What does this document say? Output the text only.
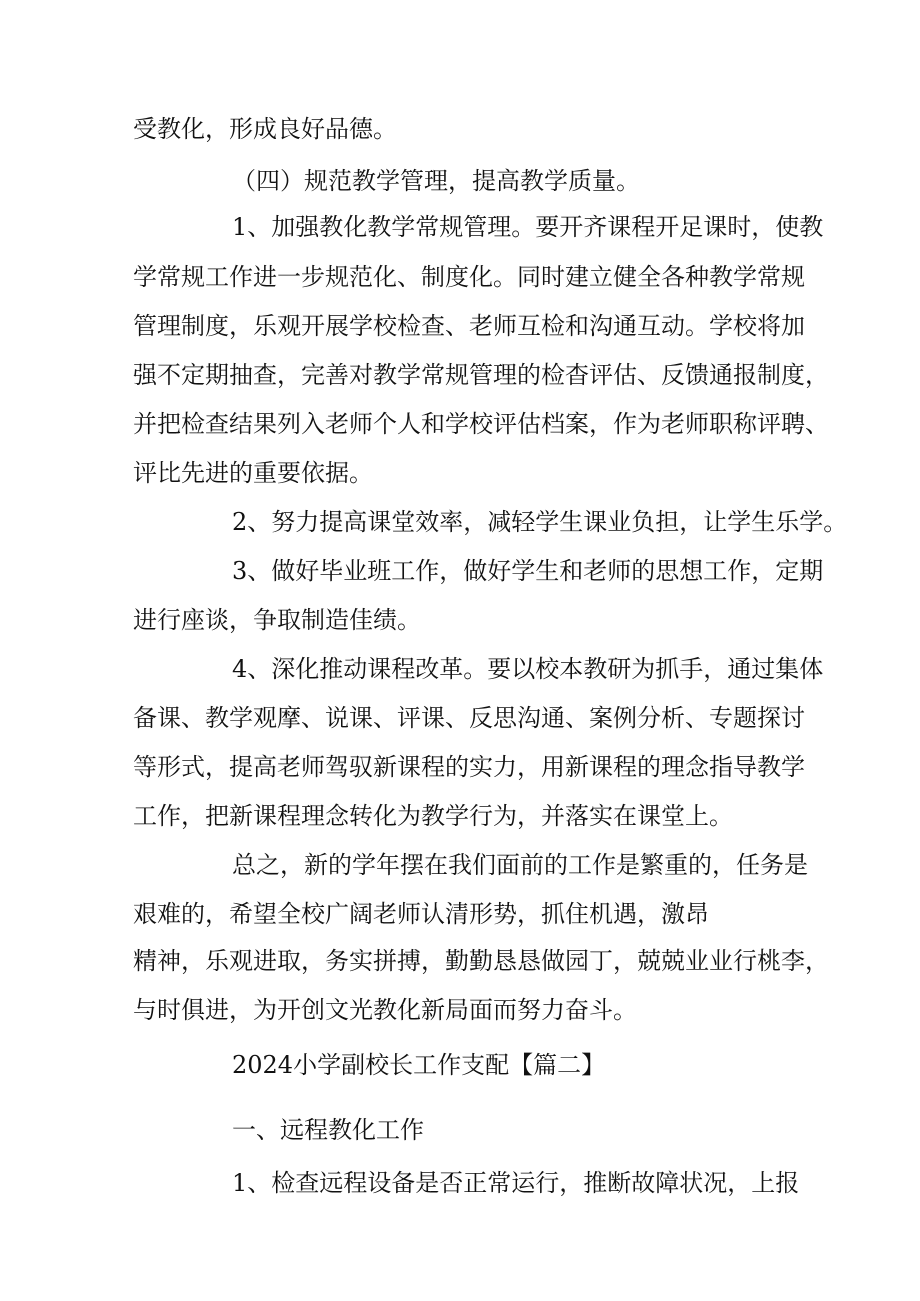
受教化，形成良好品德。
（四）规范教学管理，提高教学质量。
1、加强教化教学常规管理。要开齐课程开足课时，使教
学常规工作进一步规范化、制度化。同时建立健全各种教学常规
管理制度，乐观开展学校检查、老师互检和沟通互动。学校将加
强不定期抽查，完善对教学常规管理的检杳评估、反馈通报制度，
并把检查结果列入老师个人和学校评估档案，作为老师职称评聘、
评比先进的重要依据。
2、努力提高课堂效率，减轻学生课业负担，让学生乐学。
3、做好毕业班工作，做好学生和老师的思想工作，定期
进行座谈，争取制造佳绩。
4、深化推动课程改革。要以校本教研为抓手，通过集体
备课、教学观摩、说课、评课、反思沟通、案例分析、专题探讨
等形式，提高老师驾驭新课程的实力，用新课程的理念指导教学
工作，把新课程理念转化为教学行为，并落实在课堂上。
总之，新的学年摆在我们面前的工作是繁重的，任务是
艰难的，希望全校广阔老师认清形势，抓住机遇，激昂
精神，乐观进取，务实拼搏，勤勤恳恳做园丁，兢兢业业行桃李，
与时俱进，为开创文光教化新局面而努力奋斗。
2024小学副校长工作支配【篇二】
一、远程教化工作
1、检查远程设备是否正常运行，推断故障状况，上报
